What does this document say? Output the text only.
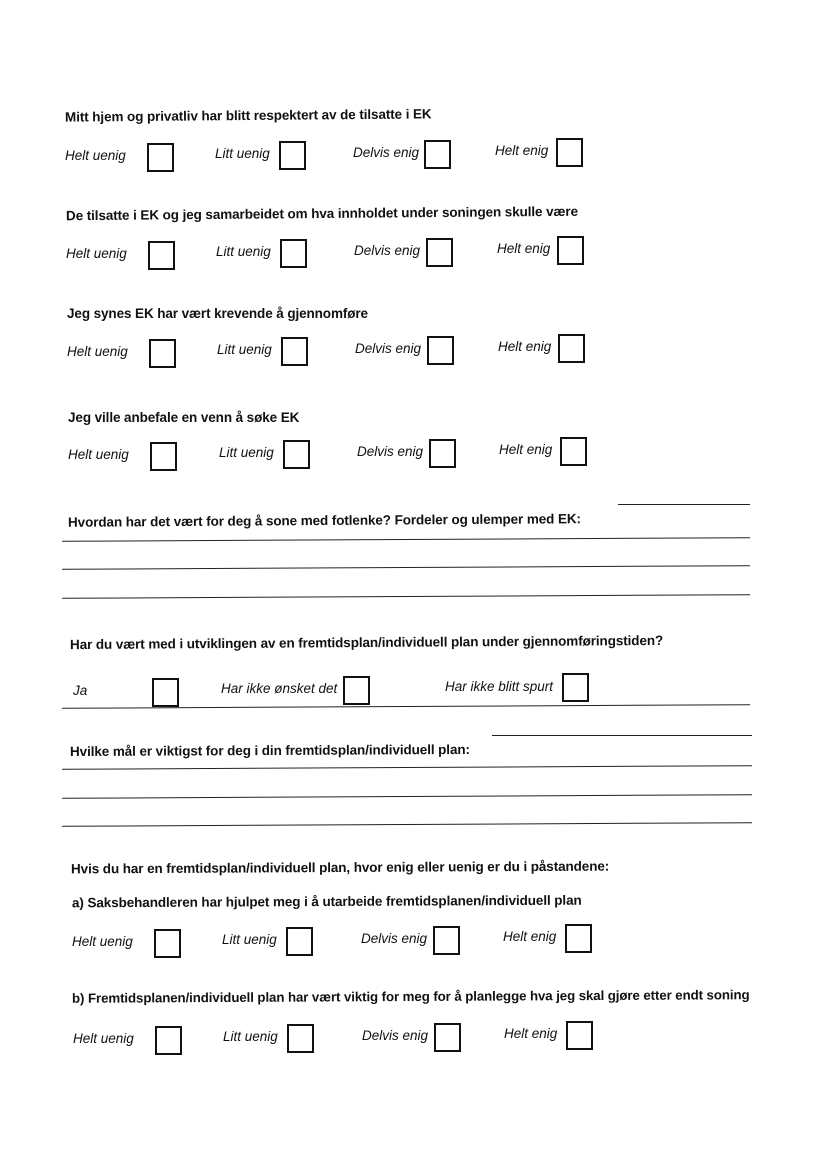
Mitt hjem og privatliv har blitt respektert av de tilsatte i EK
Helt uenig	Litt uenig	Delvis enig	Helt enig
De tilsatte i EK og jeg samarbeidet om hva innholdet under soningen skulle være
Helt uenig	Litt uenig	Delvis enig	Helt enig
Jeg synes EK har vært krevende å gjennomføre
Helt uenig	Litt uenig	Delvis enig	Helt enig
Jeg ville anbefale en venn å søke EK
Helt uenig	Litt uenig	Delvis enig	Helt enig
Hvordan har det vært for deg å sone med fotlenke? Fordeler og ulemper med EK:
Har du vært med i utviklingen av en fremtidsplan/individuell plan under gjennomføringstiden?
Ja	Har ikke ønsket det	Har ikke blitt spurt
Hvilke mål er viktigst for deg i din fremtidsplan/individuell plan:
Hvis du har en fremtidsplan/individuell plan, hvor enig eller uenig er du i påstandene:
a) Saksbehandleren har hjulpet meg i å utarbeide fremtidsplanen/individuell plan
Helt uenig	Litt uenig	Delvis enig	Helt enig
b) Fremtidsplanen/individuell plan har vært viktig for meg for å planlegge hva jeg skal gjøre etter endt soning
Helt uenig	Litt uenig	Delvis enig	Helt enig
